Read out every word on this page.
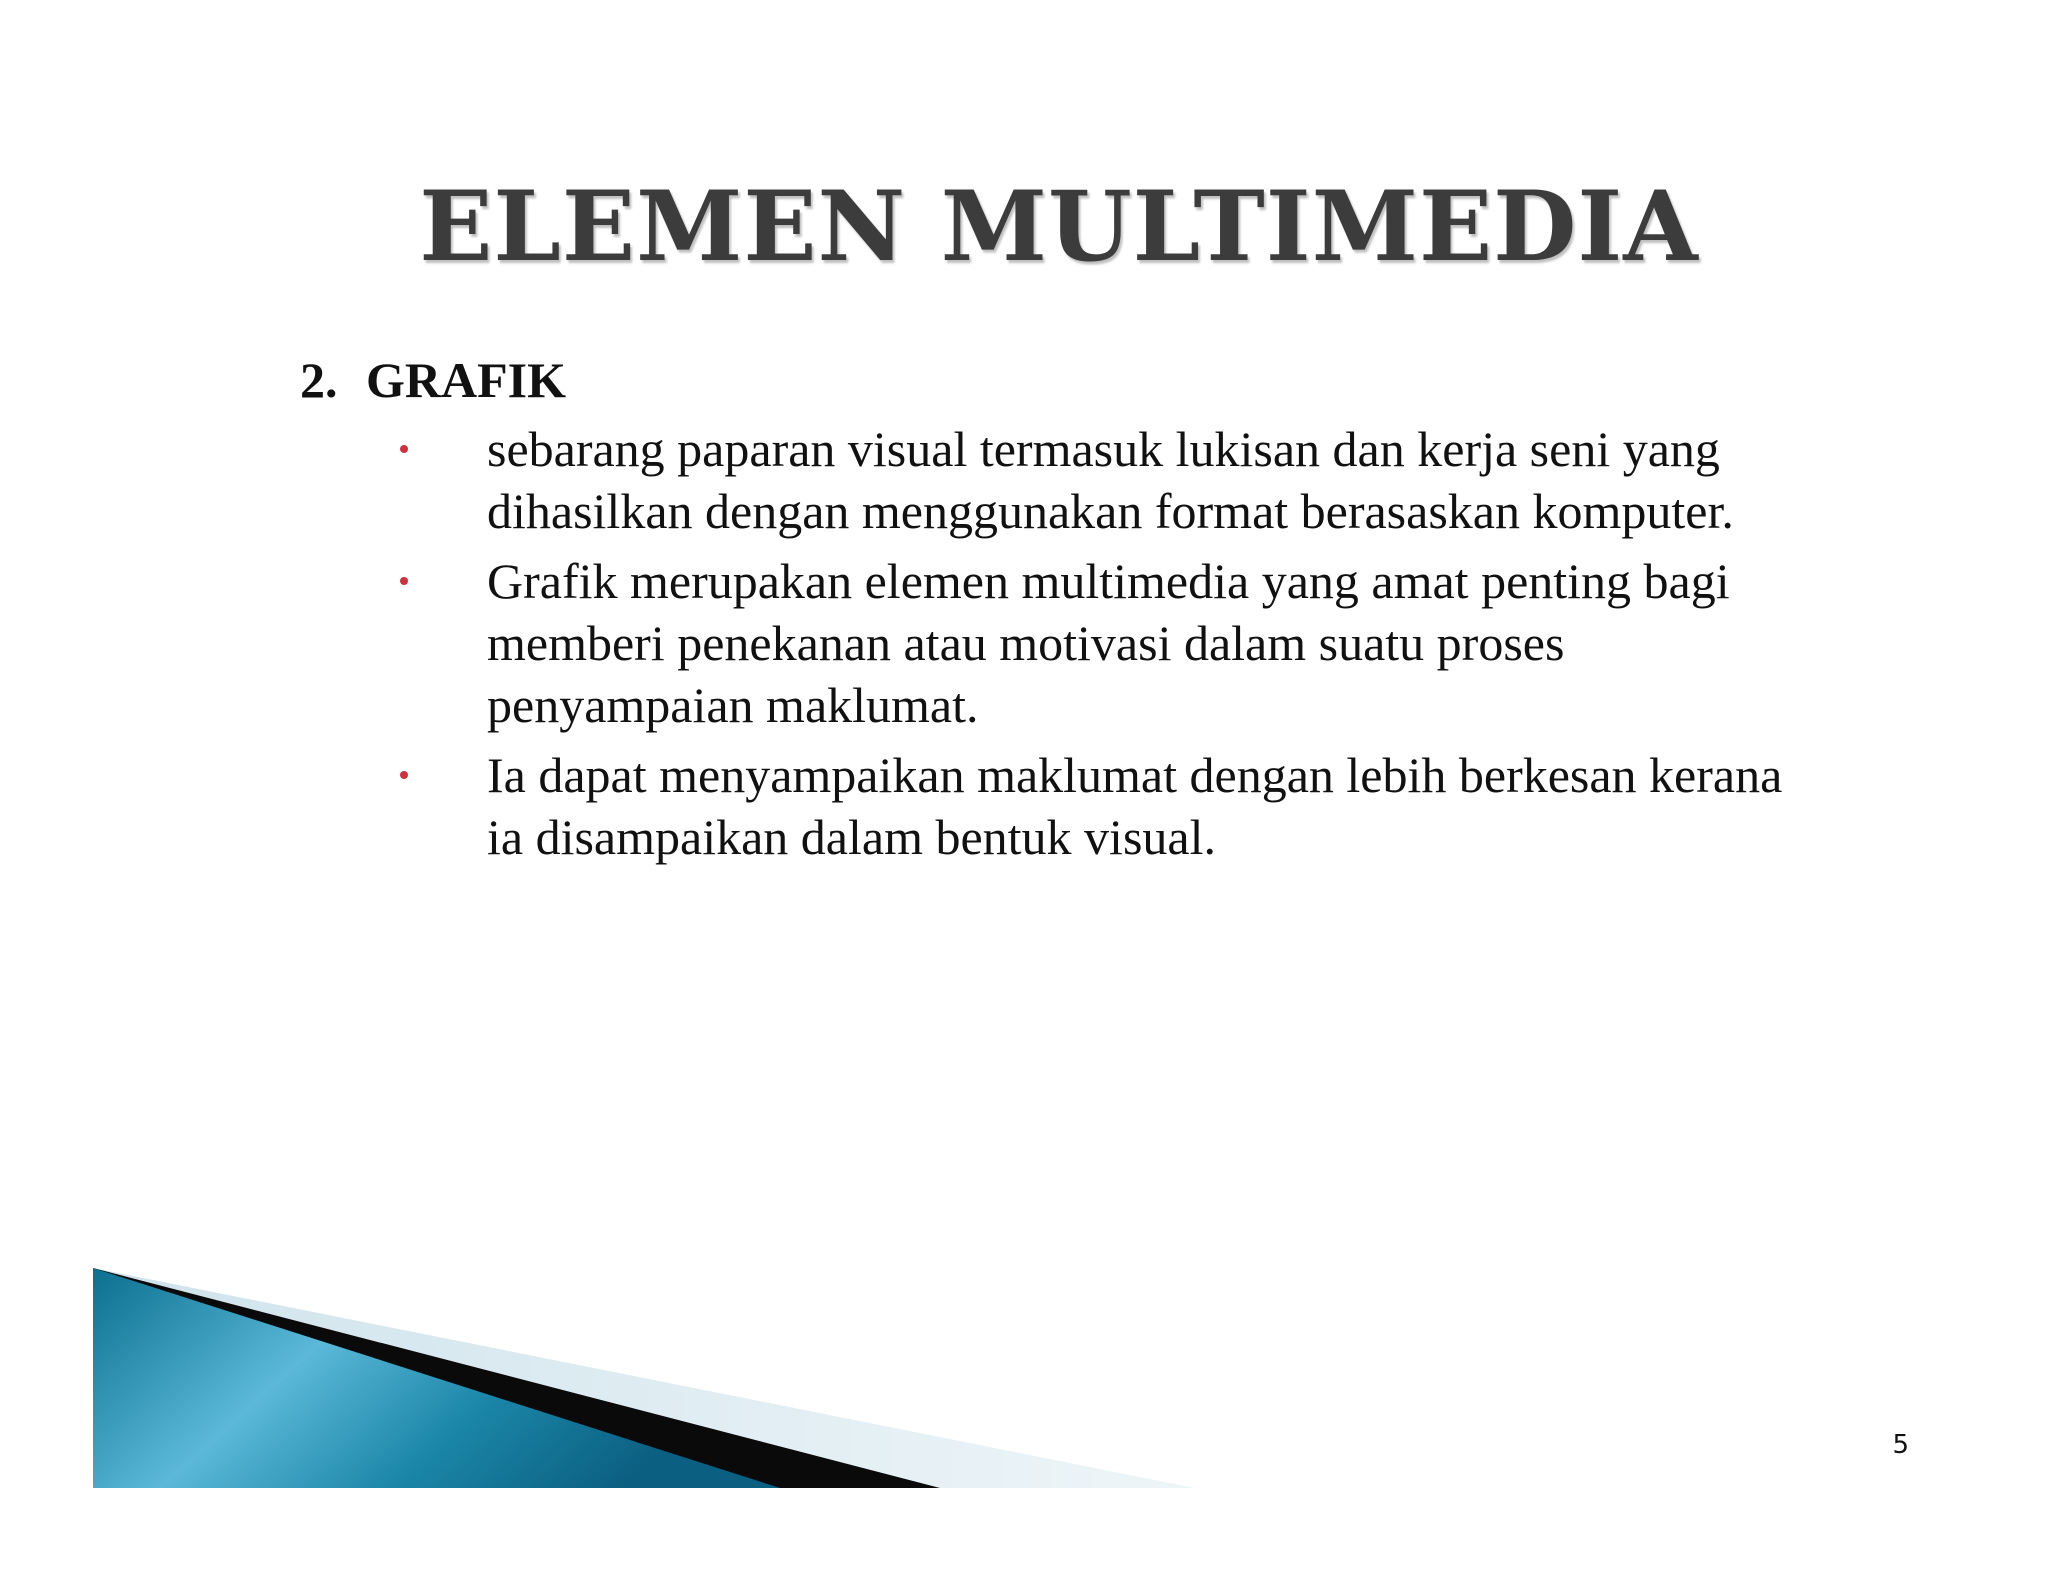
ELEMEN MULTIMEDIA
2. GRAFIK
sebarang paparan visual termasuk lukisan dan kerja seni yang dihasilkan dengan menggunakan format berasaskan komputer.
Grafik merupakan elemen multimedia yang amat penting bagi memberi penekanan atau motivasi dalam suatu proses penyampaian maklumat.
Ia dapat menyampaikan maklumat dengan lebih berkesan kerana ia disampaikan dalam bentuk visual.
5
